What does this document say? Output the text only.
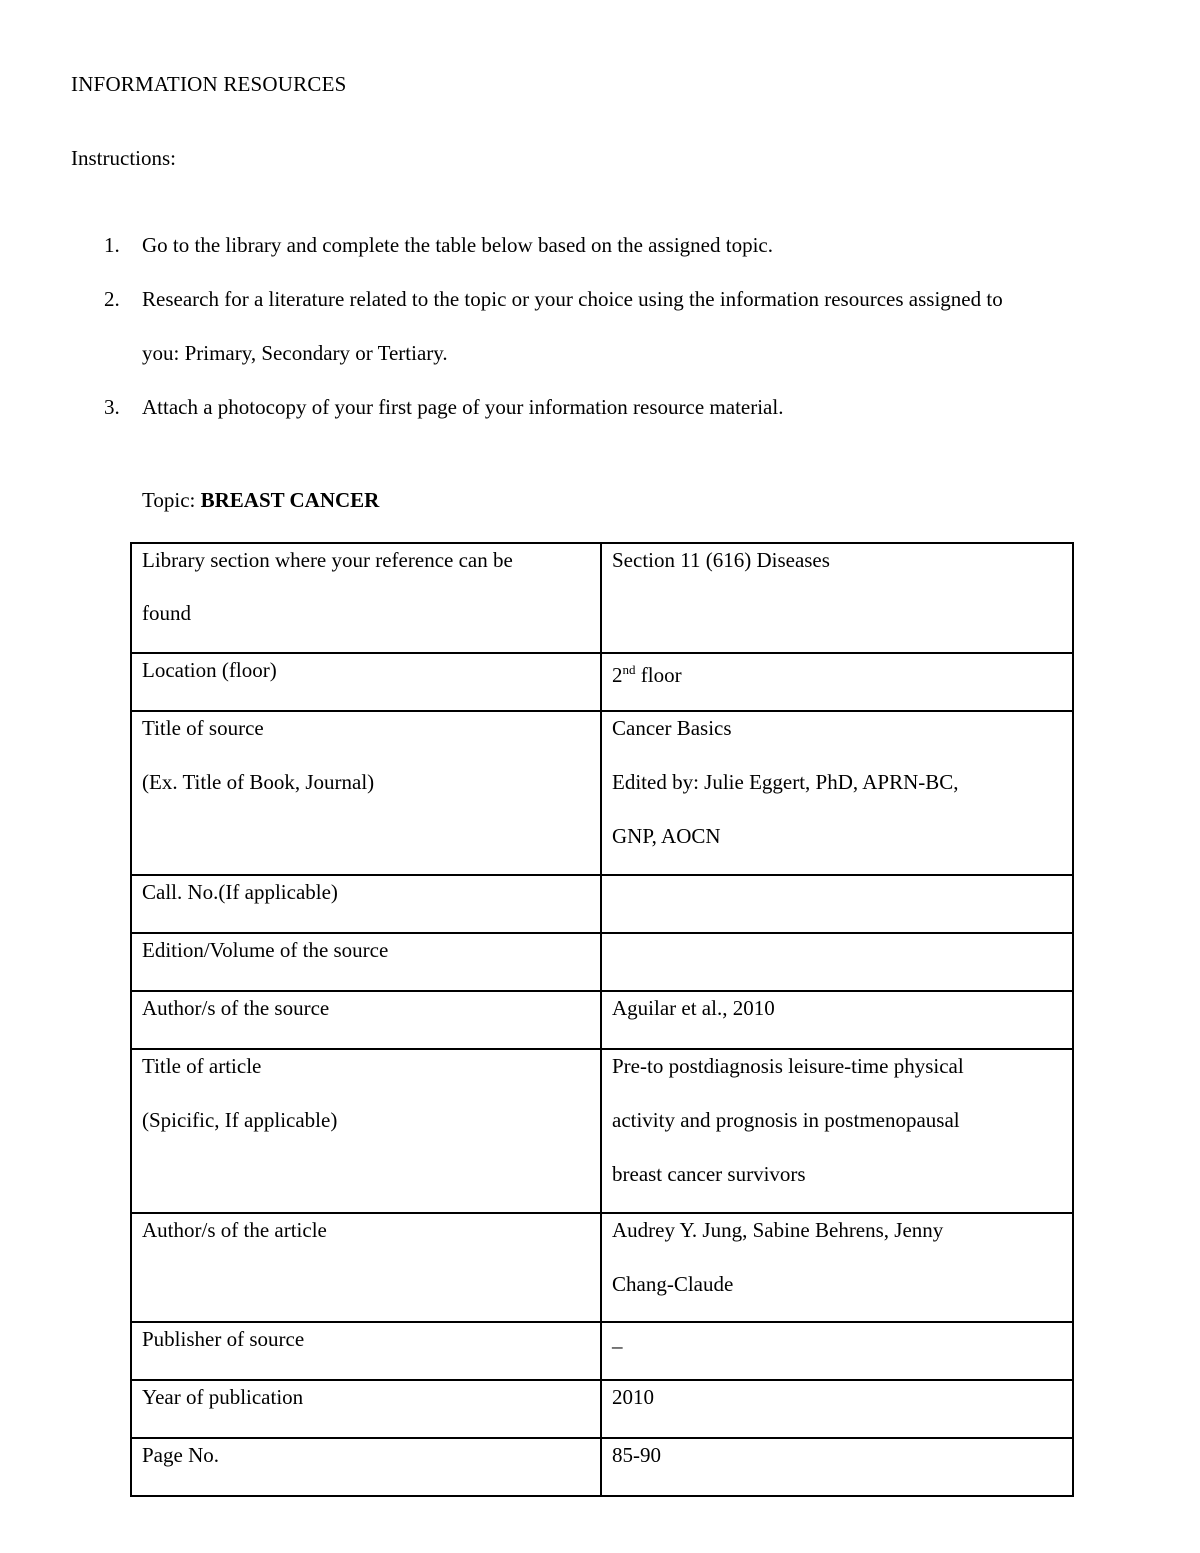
INFORMATION RESOURCES
Instructions:
1. Go to the library and complete the table below based on the assigned topic.
2. Research for a literature related to the topic or your choice using the information resources assigned to
you: Primary, Secondary or Tertiary.
3. Attach a photocopy of your first page of your information resource material.
Topic: BREAST CANCER
Library section where your reference can be
found	Section 11 (616) Diseases

Location (floor)	2nd floor

Title of source
(Ex. Title of Book, Journal)	Cancer Basics
Edited by: Julie Eggert, PhD, APRN-BC,
GNP, AOCN

Call. No.(If applicable)	

Edition/Volume of the source	

Author/s of the source	Aguilar et al., 2010

Title of article
(Spicific, If applicable)	Pre-to postdiagnosis leisure-time physical
activity and prognosis in postmenopausal
breast cancer survivors

Author/s of the article	Audrey Y. Jung, Sabine Behrens, Jenny
Chang-Claude

Publisher of source	_

Year of publication	2010

Page No.	85-90
